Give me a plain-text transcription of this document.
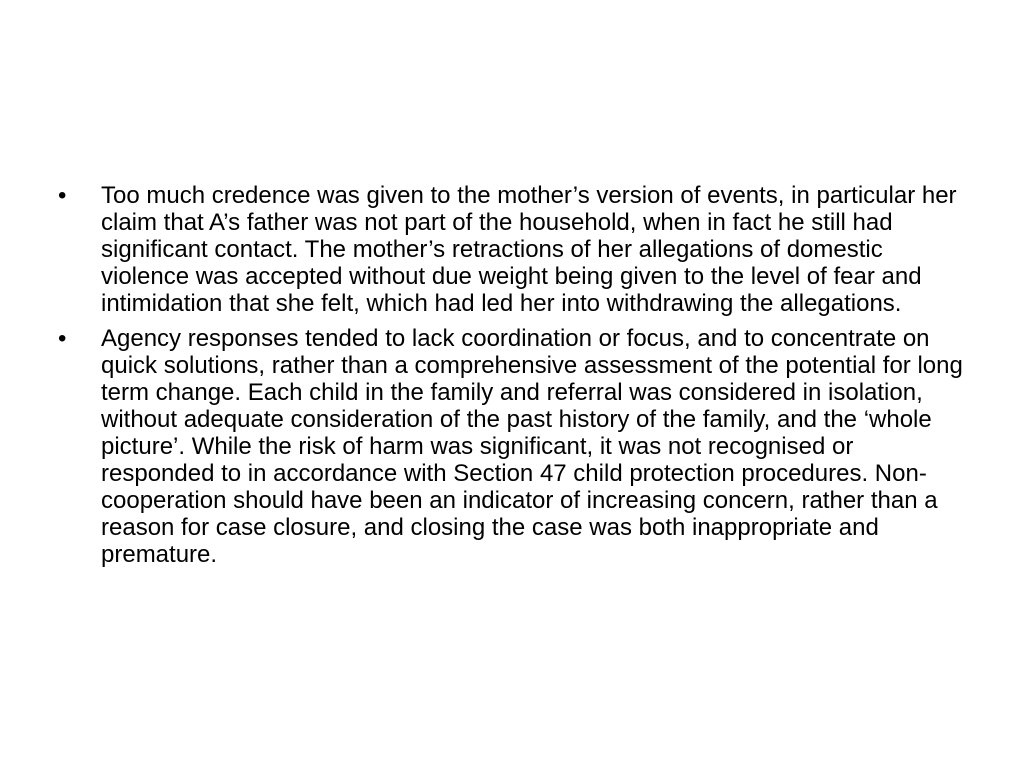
•	Too much credence was given to the mother’s version of events, in particular her claim that A’s father was not part of the household, when in fact he still had significant contact. The mother’s retractions of her allegations of domestic violence was accepted without due weight being given to the level of fear and intimidation that she felt, which had led her into withdrawing the allegations.
•	Agency responses tended to lack coordination or focus, and to concentrate on quick solutions, rather than a comprehensive assessment of the potential for long term change. Each child in the family and referral was considered in isolation, without adequate consideration of the past history of the family, and the ‘whole picture’. While the risk of harm was significant, it was not recognised or responded to in accordance with Section 47 child protection procedures. Non-cooperation should have been an indicator of increasing concern, rather than a reason for case closure, and closing the case was both inappropriate and premature.
